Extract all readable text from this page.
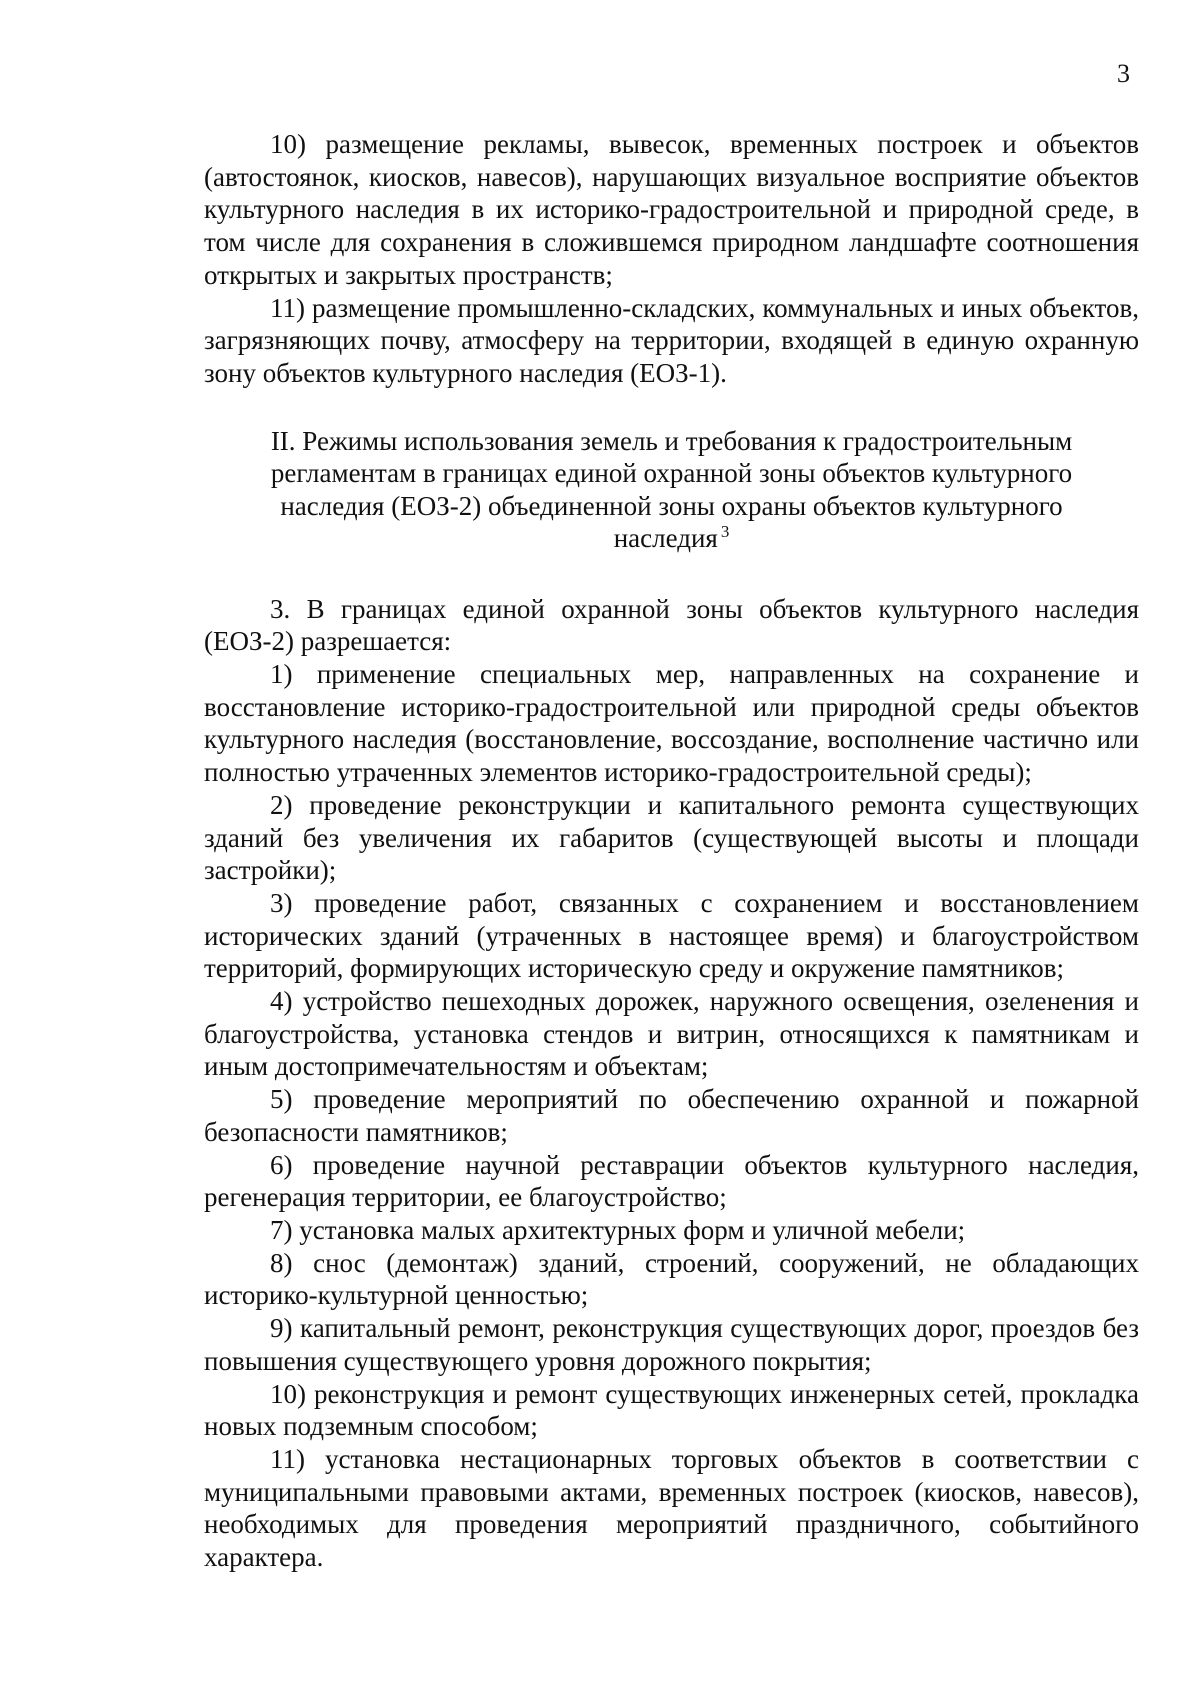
3

10) размещение рекламы, вывесок, временных построек и объектов (автостоянок, киосков, навесов), нарушающих визуальное восприятие объектов культурного наследия в их историко-градостроительной и природной среде, в том числе для сохранения в сложившемся природном ландшафте соотношения открытых и закрытых пространств;

11) размещение промышленно-складских, коммунальных и иных объектов, загрязняющих почву, атмосферу на территории, входящей в единую охранную зону объектов культурного наследия (ЕОЗ-1).

II. Режимы использования земель и требования к градостроительным регламентам в границах единой охранной зоны объектов культурного наследия (ЕОЗ-2) объединенной зоны охраны объектов культурного наследия $^3$

3. В границах единой охранной зоны объектов культурного наследия (ЕОЗ-2) разрешается:

1) применение специальных мер, направленных на сохранение и восстановление историко-градостроительной или природной среды объектов культурного наследия (восстановление, воссоздание, восполнение частично или полностью утраченных элементов историко-градостроительной среды);

2) проведение реконструкции и капитального ремонта существующих зданий без увеличения их габаритов (существующей высоты и площади застройки);

3) проведение работ, связанных с сохранением и восстановлением исторических зданий (утраченных в настоящее время) и благоустройством территорий, формирующих историческую среду и окружение памятников;

4) устройство пешеходных дорожек, наружного освещения, озеленения и благоустройства, установка стендов и витрин, относящихся к памятникам и иным достопримечательностям и объектам;

5) проведение мероприятий по обеспечению охранной и пожарной безопасности памятников;

6) проведение научной реставрации объектов культурного наследия, регенерация территории, ее благоустройство;

7) установка малых архитектурных форм и уличной мебели;

8) снос (демонтаж) зданий, строений, сооружений, не обладающих историко-культурной ценностью;

9) капитальный ремонт, реконструкция существующих дорог, проездов без повышения существующего уровня дорожного покрытия;

10) реконструкция и ремонт существующих инженерных сетей, прокладка новых подземным способом;

11) установка нестационарных торговых объектов в соответствии с муниципальными правовыми актами, временных построек (киосков, навесов), необходимых для проведения мероприятий праздничного, событийного характера.
